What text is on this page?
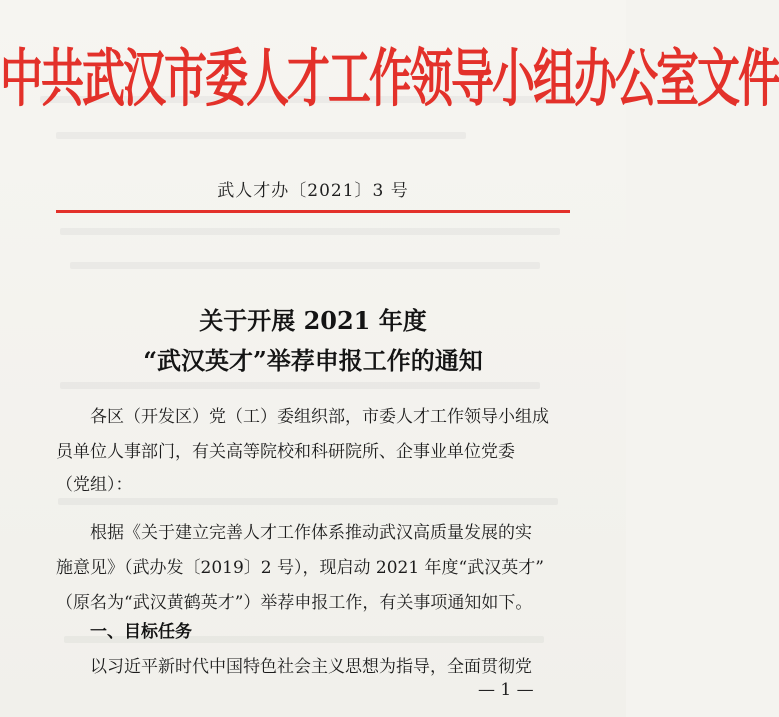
中共武汉市委人才工作领导小组办公室文件
武人才办〔2021〕3 号
关于开展 2021 年度
“武汉英才”举荐申报工作的通知
　　各区（开发区）党（工）委组织部，市委人才工作领导小组成
员单位人事部门，有关高等院校和科研院所、企事业单位党委
（党组）：
　　根据《关于建立完善人才工作体系推动武汉高质量发展的实
施意见》（武办发〔2019〕2 号），现启动 2021 年度“武汉英才”
（原名为“武汉黄鹤英才”）举荐申报工作，有关事项通知如下。
　　一、目标任务
　　以习近平新时代中国特色社会主义思想为指导，全面贯彻党
— 1 —
